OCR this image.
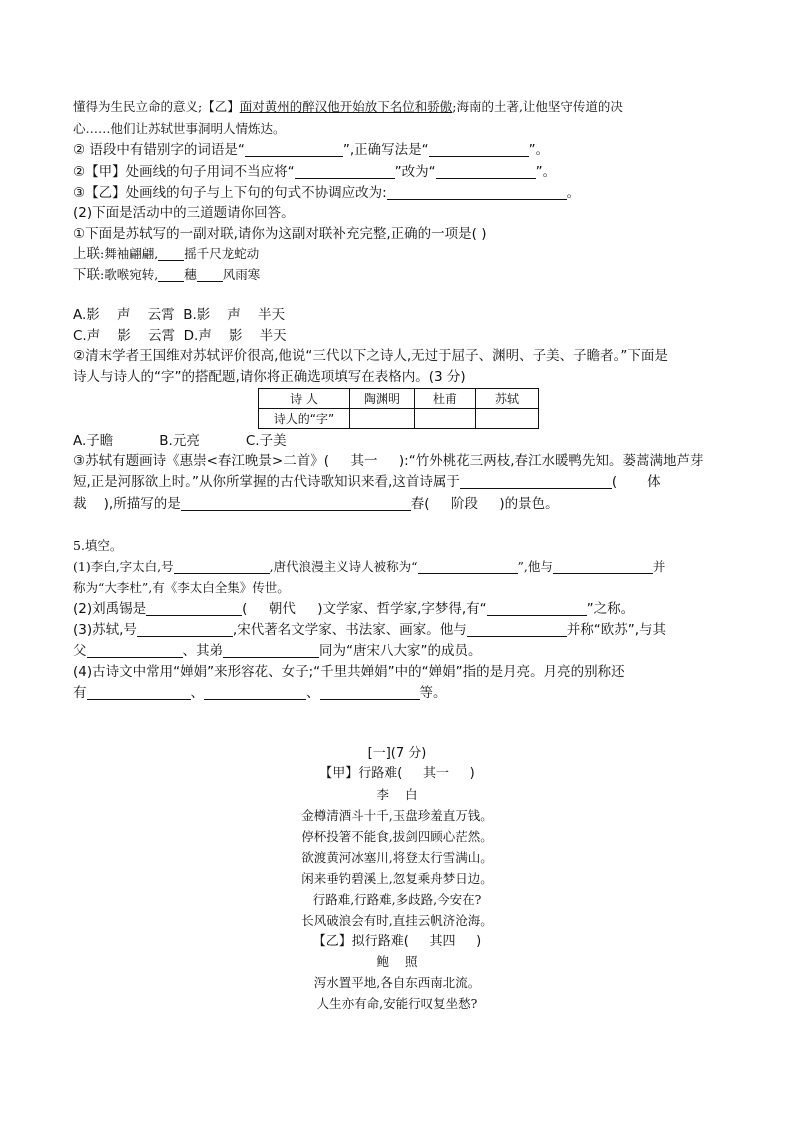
懂得为生民立命的意义;【乙】面对黄州的醉汉他开始放下名位和骄傲;海南的土著,让他坚守传道的决
心……他们让苏轼世事洞明人情炼达。
② 语段中有错别字的词语是“	”,正确写法是“	”。
②【甲】处画线的句子用词不当应将“	”改为“	”。
③【乙】处画线的句子与上下句的句式不协调应改为:	。
(2)下面是活动中的三道题请你回答。
①下面是苏轼写的一副对联,请你为这副对联补充完整,正确的一项是( )
上联:舞袖翩翩, 摇千尺龙蛇动
下联:歌喉宛转, 穗 风雨寒
A.影    声    云霄  B.影    声    半天
C.声    影    云霄  D.声    影    半天
②清末学者王国维对苏轼评价很高,他说“三代以下之诗人,无过于屈子、渊明、子美、子瞻者。”下面是
诗人与诗人的“字”的搭配题,请你将正确选项填写在表格内。(3 分)
诗 人	陶渊明	杜甫	苏轼
诗人的“字”			
A.子瞻	B.元亮	C.子美
③苏轼有题画诗《惠崇<春江晚景>二首》(     其一     ):“竹外桃花三两枝,春江水暖鸭先知。蒌蒿满地芦芽
短,正是河豚欲上时。”从你所掌握的古代诗歌知识来看,这首诗属于	(       体
裁    ),所描写的是	春(     阶段     )的景色。
5.填空。
(1)李白,字太白,号	,唐代浪漫主义诗人被称为“	”,他与	并
称为“大李杜”,有《李太白全集》传世。
(2)刘禹锡是	(     朝代     )文学家、哲学家,字梦得,有“	”之称。
(3)苏轼,号	,宋代著名文学家、书法家、画家。他与	并称“欧苏”,与其
父	、其弟	同为“唐宋八大家”的成员。
(4)古诗文中常用“婵娟”来形容花、女子;“千里共婵娟”中的“婵娟”指的是月亮。月亮的别称还
有	、	、	等。
[一](7 分)
【甲】行路难(     其一     )
李    白
金樽清酒斗十千,玉盘珍羞直万钱。
停杯投箸不能食,拔剑四顾心茫然。
欲渡黄河冰塞川,将登太行雪满山。
闲来垂钓碧溪上,忽复乘舟梦日边。
行路难,行路难,多歧路,今安在?
长风破浪会有时,直挂云帆济沧海。
【乙】拟行路难(     其四     )
鲍    照
泻水置平地,各自东西南北流。
人生亦有命,安能行叹复坐愁?
